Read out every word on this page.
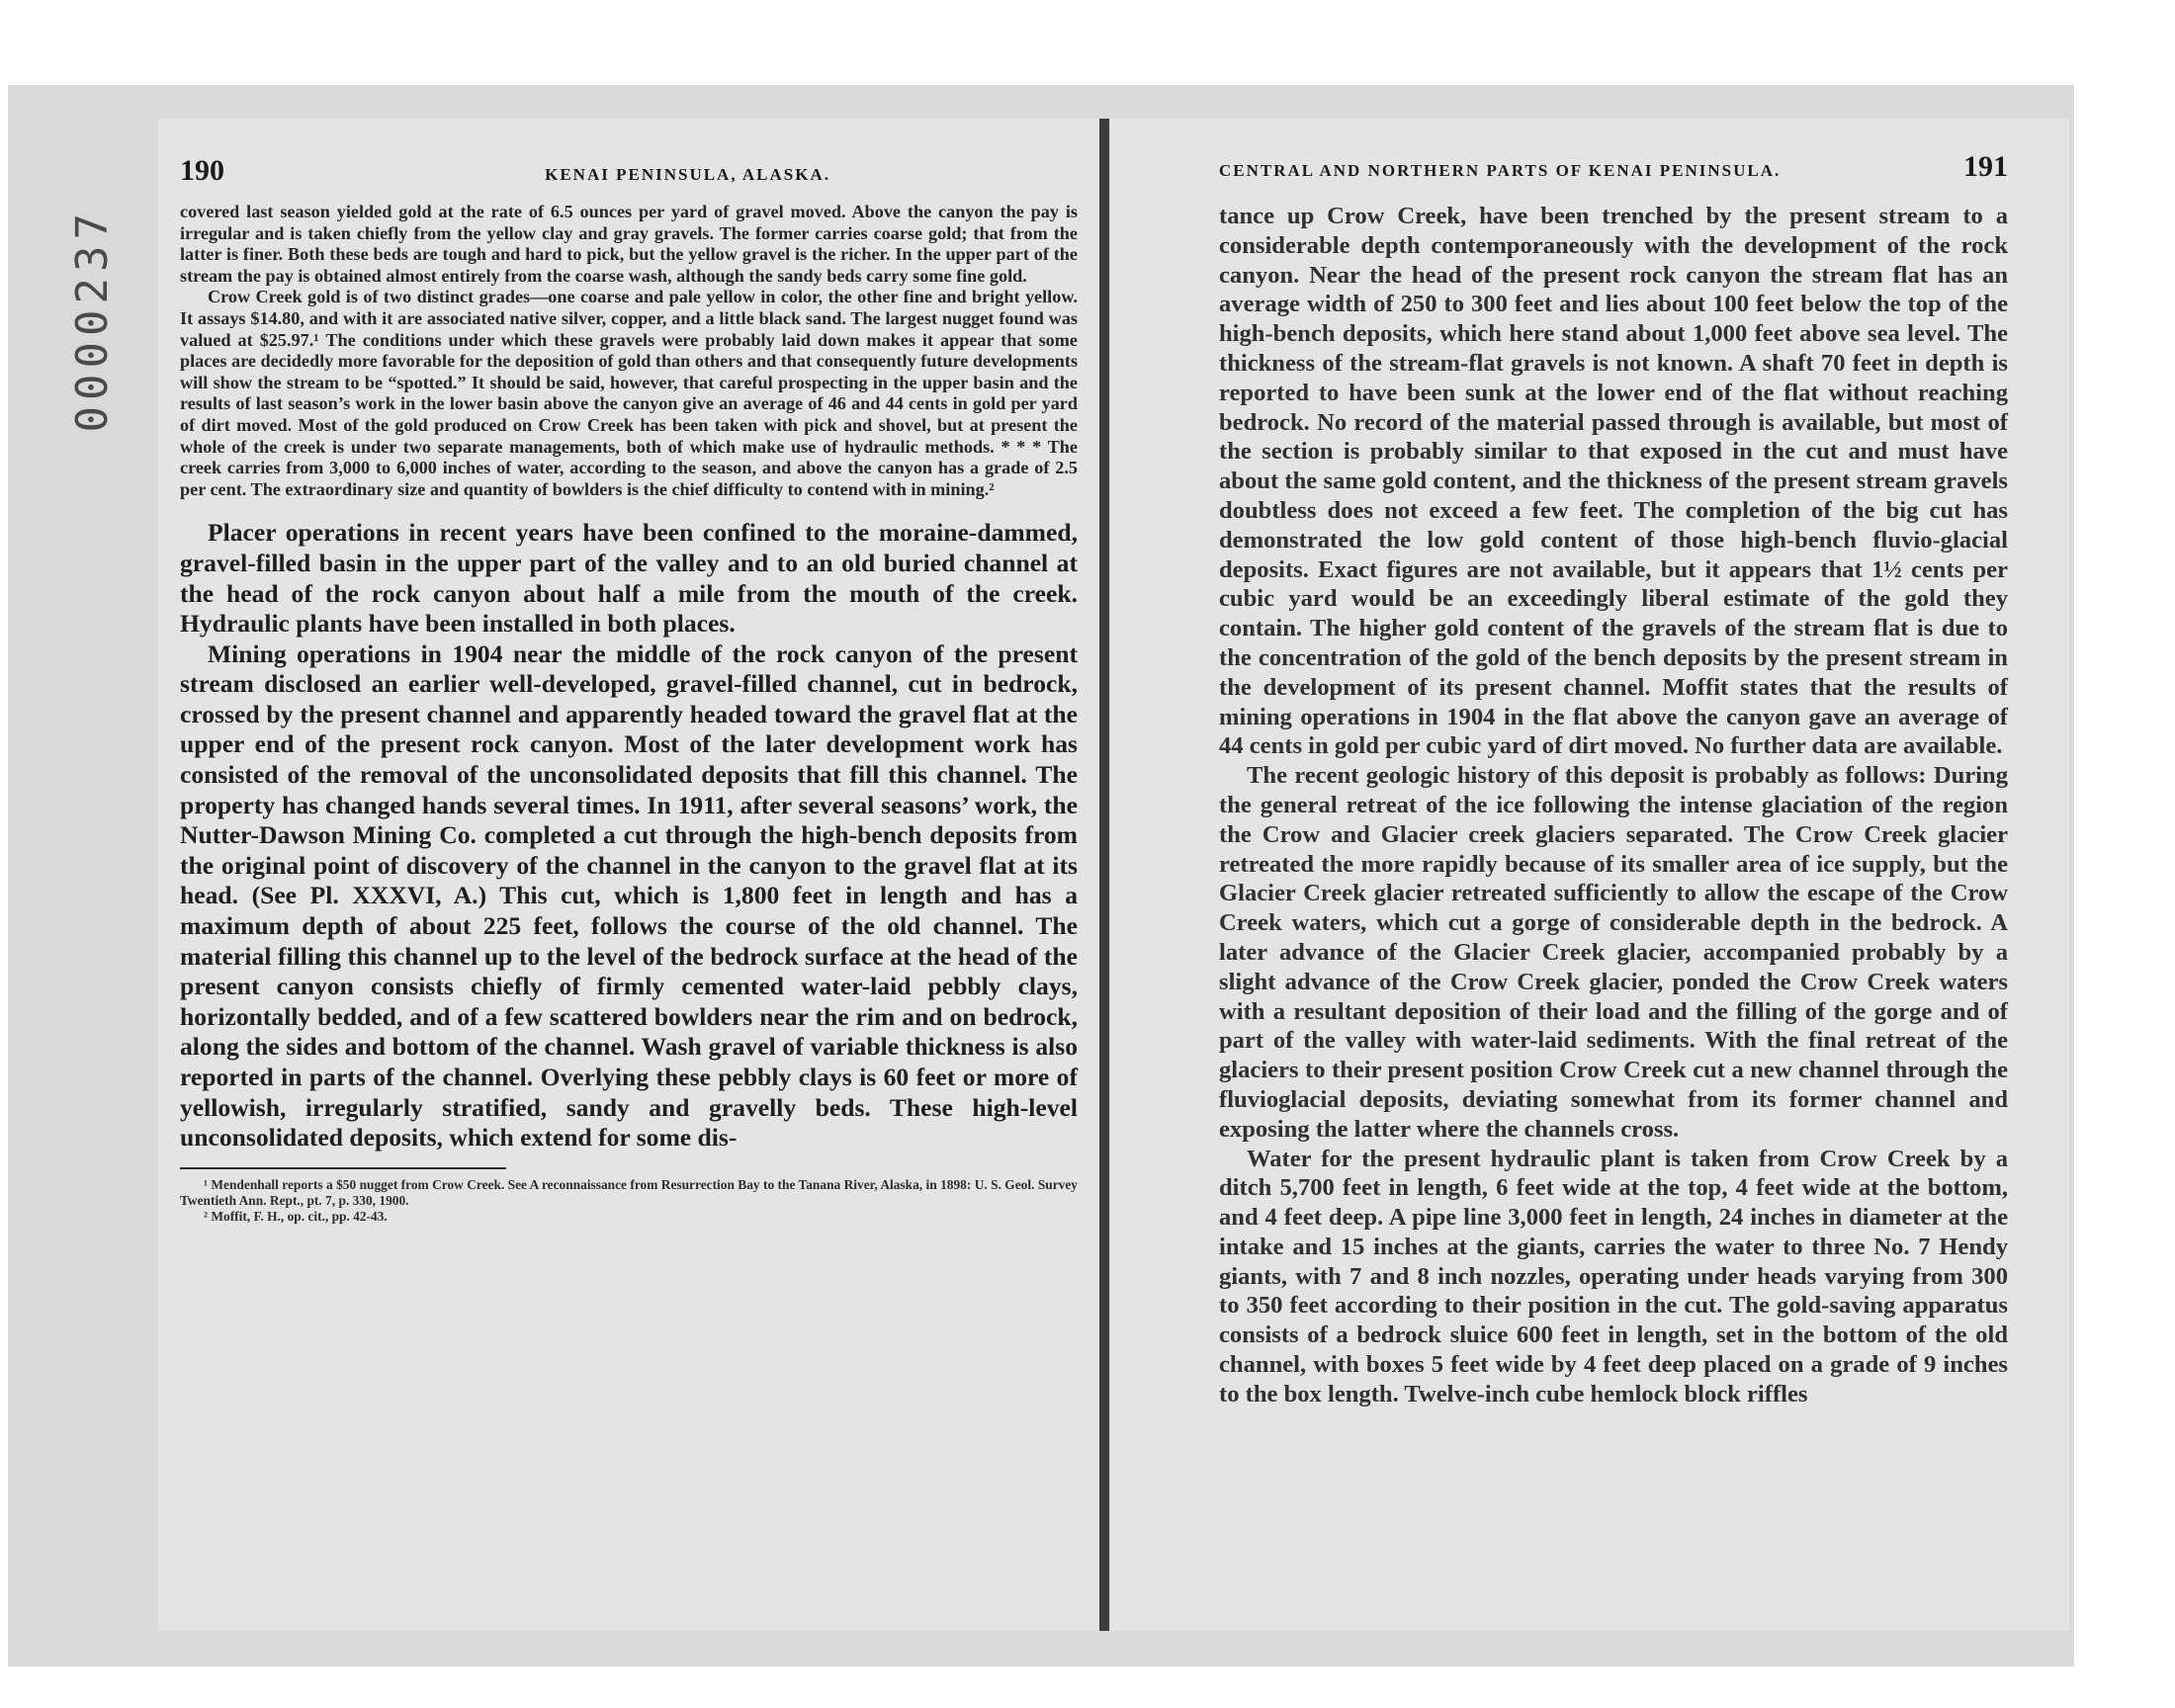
0000237
190	KENAI PENINSULA, ALASKA.

covered last season yielded gold at the rate of 6.5 ounces per yard of gravel moved. Above the canyon the pay is irregular and is taken chiefly from the yellow clay and gray gravels. The former carries coarse gold; that from the latter is finer. Both these beds are tough and hard to pick, but the yellow gravel is the richer. In the upper part of the stream the pay is obtained almost entirely from the coarse wash, although the sandy beds carry some fine gold.

Crow Creek gold is of two distinct grades—one coarse and pale yellow in color, the other fine and bright yellow. It assays $14.80, and with it are associated native silver, copper, and a little black sand. The largest nugget found was valued at $25.97.¹ The conditions under which these gravels were probably laid down makes it appear that some places are decidedly more favorable for the deposition of gold than others and that consequently future developments will show the stream to be “spotted.” It should be said, however, that careful prospecting in the upper basin and the results of last season’s work in the lower basin above the canyon give an average of 46 and 44 cents in gold per yard of dirt moved. Most of the gold produced on Crow Creek has been taken with pick and shovel, but at present the whole of the creek is under two separate managements, both of which make use of hydraulic methods. * * * The creek carries from 3,000 to 6,000 inches of water, according to the season, and above the canyon has a grade of 2.5 per cent. The extraordinary size and quantity of bowlders is the chief difficulty to contend with in mining.²

Placer operations in recent years have been confined to the moraine-dammed, gravel-filled basin in the upper part of the valley and to an old buried channel at the head of the rock canyon about half a mile from the mouth of the creek. Hydraulic plants have been installed in both places.

Mining operations in 1904 near the middle of the rock canyon of the present stream disclosed an earlier well-developed, gravel-filled channel, cut in bedrock, crossed by the present channel and apparently headed toward the gravel flat at the upper end of the present rock canyon. Most of the later development work has consisted of the removal of the unconsolidated deposits that fill this channel. The property has changed hands several times. In 1911, after several seasons’ work, the Nutter-Dawson Mining Co. completed a cut through the high-bench deposits from the original point of discovery of the channel in the canyon to the gravel flat at its head. (See Pl. XXXVI, A.) This cut, which is 1,800 feet in length and has a maximum depth of about 225 feet, follows the course of the old channel. The material filling this channel up to the level of the bedrock surface at the head of the present canyon consists chiefly of firmly cemented water-laid pebbly clays, horizontally bedded, and of a few scattered bowlders near the rim and on bedrock, along the sides and bottom of the channel. Wash gravel of variable thickness is also reported in parts of the channel. Overlying these pebbly clays is 60 feet or more of yellowish, irregularly stratified, sandy and gravelly beds. These high-level unconsolidated deposits, which extend for some dis-

¹ Mendenhall reports a $50 nugget from Crow Creek. See A reconnaissance from Resurrection Bay to the Tanana River, Alaska, in 1898: U. S. Geol. Survey Twentieth Ann. Rept., pt. 7, p. 330, 1900.

² Moffit, F. H., op. cit., pp. 42-43.

CENTRAL AND NORTHERN PARTS OF KENAI PENINSULA.	191

tance up Crow Creek, have been trenched by the present stream to a considerable depth contemporaneously with the development of the rock canyon. Near the head of the present rock canyon the stream flat has an average width of 250 to 300 feet and lies about 100 feet below the top of the high-bench deposits, which here stand about 1,000 feet above sea level. The thickness of the stream-flat gravels is not known. A shaft 70 feet in depth is reported to have been sunk at the lower end of the flat without reaching bedrock. No record of the material passed through is available, but most of the section is probably similar to that exposed in the cut and must have about the same gold content, and the thickness of the present stream gravels doubtless does not exceed a few feet. The completion of the big cut has demonstrated the low gold content of those high-bench fluvio-glacial deposits. Exact figures are not available, but it appears that 1½ cents per cubic yard would be an exceedingly liberal estimate of the gold they contain. The higher gold content of the gravels of the stream flat is due to the concentration of the gold of the bench deposits by the present stream in the development of its present channel. Moffit states that the results of mining operations in 1904 in the flat above the canyon gave an average of 44 cents in gold per cubic yard of dirt moved. No further data are available.

The recent geologic history of this deposit is probably as follows: During the general retreat of the ice following the intense glaciation of the region the Crow and Glacier creek glaciers separated. The Crow Creek glacier retreated the more rapidly because of its smaller area of ice supply, but the Glacier Creek glacier retreated sufficiently to allow the escape of the Crow Creek waters, which cut a gorge of considerable depth in the bedrock. A later advance of the Glacier Creek glacier, accompanied probably by a slight advance of the Crow Creek glacier, ponded the Crow Creek waters with a resultant deposition of their load and the filling of the gorge and of part of the valley with water-laid sediments. With the final retreat of the glaciers to their present position Crow Creek cut a new channel through the fluvioglacial deposits, deviating somewhat from its former channel and exposing the latter where the channels cross.

Water for the present hydraulic plant is taken from Crow Creek by a ditch 5,700 feet in length, 6 feet wide at the top, 4 feet wide at the bottom, and 4 feet deep. A pipe line 3,000 feet in length, 24 inches in diameter at the intake and 15 inches at the giants, carries the water to three No. 7 Hendy giants, with 7 and 8 inch nozzles, operating under heads varying from 300 to 350 feet according to their position in the cut. The gold-saving apparatus consists of a bedrock sluice 600 feet in length, set in the bottom of the old channel, with boxes 5 feet wide by 4 feet deep placed on a grade of 9 inches to the box length. Twelve-inch cube hemlock block riffles
